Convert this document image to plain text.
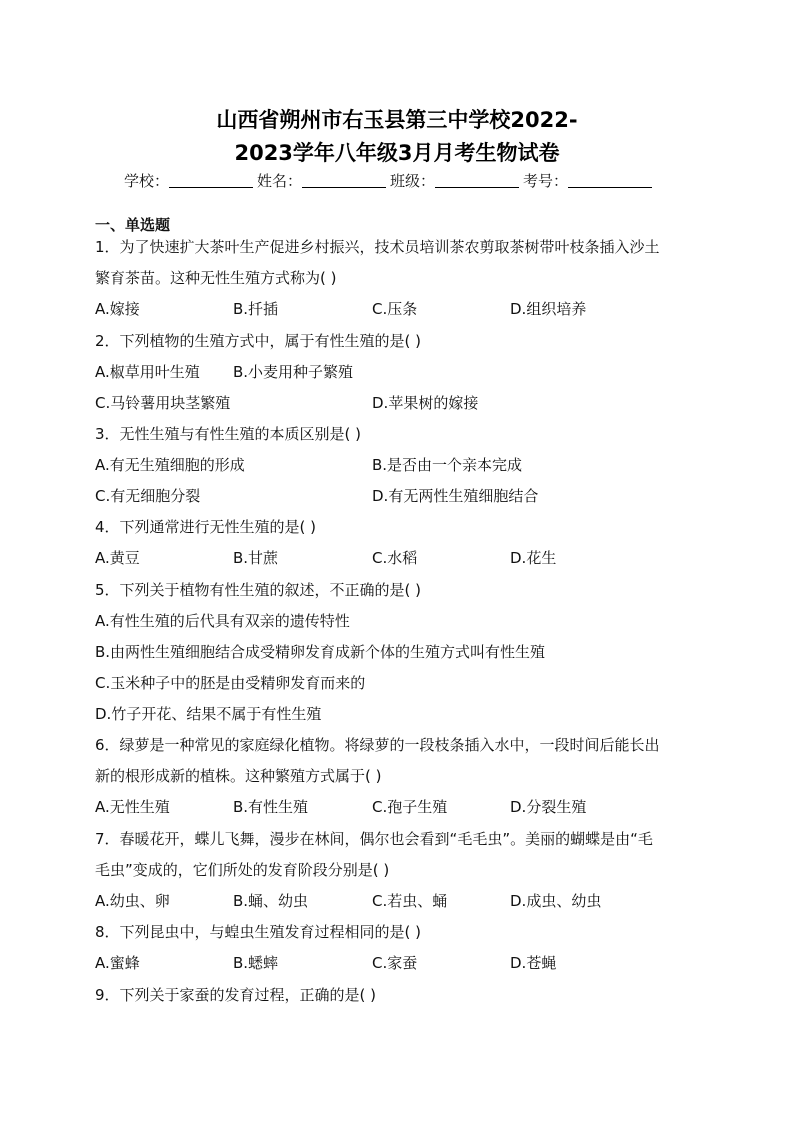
山西省朔州市右玉县第三中学校2022-
2023学年八年级3月月考生物试卷
学校：	姓名：	班级：	考号：
一、单选题
1．为了快速扩大茶叶生产促进乡村振兴，技术员培训茶农剪取茶树带叶枝条插入沙土
繁育茶苗。这种无性生殖方式称为( )
A.嫁接	B.扦插	C.压条	D.组织培养
2．下列植物的生殖方式中，属于有性生殖的是( )
A.椒草用叶生殖 B.小麦用种子繁殖
C.马铃薯用块茎繁殖	D.苹果树的嫁接
3．无性生殖与有性生殖的本质区别是( )
A.有无生殖细胞的形成	B.是否由一个亲本完成
C.有无细胞分裂	D.有无两性生殖细胞结合
4．下列通常进行无性生殖的是( )
A.黄豆	B.甘蔗	C.水稻	D.花生
5．下列关于植物有性生殖的叙述，不正确的是( )
A.有性生殖的后代具有双亲的遗传特性
B.由两性生殖细胞结合成受精卵发育成新个体的生殖方式叫有性生殖
C.玉米种子中的胚是由受精卵发育而来的
D.竹子开花、结果不属于有性生殖
6．绿萝是一种常见的家庭绿化植物。将绿萝的一段枝条插入水中，一段时间后能长出
新的根形成新的植株。这种繁殖方式属于( )
A.无性生殖	B.有性生殖	C.孢子生殖	D.分裂生殖
7．春暖花开，蝶儿飞舞，漫步在林间，偶尔也会看到“毛毛虫”。美丽的蝴蝶是由“毛
毛虫”变成的，它们所处的发育阶段分别是( )
A.幼虫、卵	B.蛹、幼虫	C.若虫、蛹	D.成虫、幼虫
8．下列昆虫中，与蝗虫生殖发育过程相同的是( )
A.蜜蜂	B.蟋蟀	C.家蚕	D.苍蝇
9．下列关于家蚕的发育过程，正确的是( )
